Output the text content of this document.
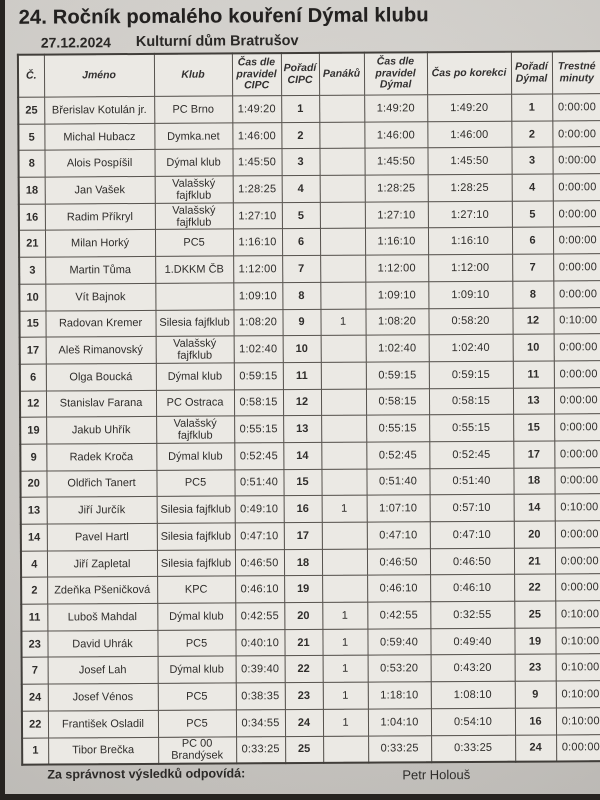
24. Ročník pomalého kouření Dýmal klubu
27.12.2024 Kulturní dům Bratrušov
Č.	Jméno	Klub	Čas dle pravidel CIPC	Pořadí CIPC	Panáků	Čas dle pravidel Dýmal	Čas po korekci	Pořadí Dýmal	Trestné minuty
25	Břerislav Kotulán jr.	PC Brno	1:49:20	1		1:49:20	1:49:20	1	0:00:00
5	Michal Hubacz	Dymka.net	1:46:00	2		1:46:00	1:46:00	2	0:00:00
8	Alois Pospíšil	Dýmal klub	1:45:50	3		1:45:50	1:45:50	3	0:00:00
18	Jan Vašek	Valašský fajfklub	1:28:25	4		1:28:25	1:28:25	4	0:00:00
16	Radim Příkryl	Valašský fajfklub	1:27:10	5		1:27:10	1:27:10	5	0:00:00
21	Milan Horký	PC5	1:16:10	6		1:16:10	1:16:10	6	0:00:00
3	Martin Tůma	1.DKKM ČB	1:12:00	7		1:12:00	1:12:00	7	0:00:00
10	Vít Bajnok		1:09:10	8		1:09:10	1:09:10	8	0:00:00
15	Radovan Kremer	Silesia fajfklub	1:08:20	9	1	1:08:20	0:58:20	12	0:10:00
17	Aleš Rimanovský	Valašský fajfklub	1:02:40	10		1:02:40	1:02:40	10	0:00:00
6	Olga Boucká	Dýmal klub	0:59:15	11		0:59:15	0:59:15	11	0:00:00
12	Stanislav Farana	PC Ostraca	0:58:15	12		0:58:15	0:58:15	13	0:00:00
19	Jakub Uhřík	Valašský fajfklub	0:55:15	13		0:55:15	0:55:15	15	0:00:00
9	Radek Kroča	Dýmal klub	0:52:45	14		0:52:45	0:52:45	17	0:00:00
20	Oldřich Tanert	PC5	0:51:40	15		0:51:40	0:51:40	18	0:00:00
13	Jiří Jurčík	Silesia fajfklub	0:49:10	16	1	1:07:10	0:57:10	14	0:10:00
14	Pavel Hartl	Silesia fajfklub	0:47:10	17		0:47:10	0:47:10	20	0:00:00
4	Jiří Zapletal	Silesia fajfklub	0:46:50	18		0:46:50	0:46:50	21	0:00:00
2	Zdeňka Pšeničková	KPC	0:46:10	19		0:46:10	0:46:10	22	0:00:00
11	Luboš Mahdal	Dýmal klub	0:42:55	20	1	0:42:55	0:32:55	25	0:10:00
23	David Uhrák	PC5	0:40:10	21	1	0:59:40	0:49:40	19	0:10:00
7	Josef Lah	Dýmal klub	0:39:40	22	1	0:53:20	0:43:20	23	0:10:00
24	Josef Vénos	PC5	0:38:35	23	1	1:18:10	1:08:10	9	0:10:00
22	František Osladil	PC5	0:34:55	24	1	1:04:10	0:54:10	16	0:10:00
1	Tibor Brečka	PC 00 Brandýsek	0:33:25	25		0:33:25	0:33:25	24	0:00:00
Za správnost výsledků odpovídá:	Petr Holouš
